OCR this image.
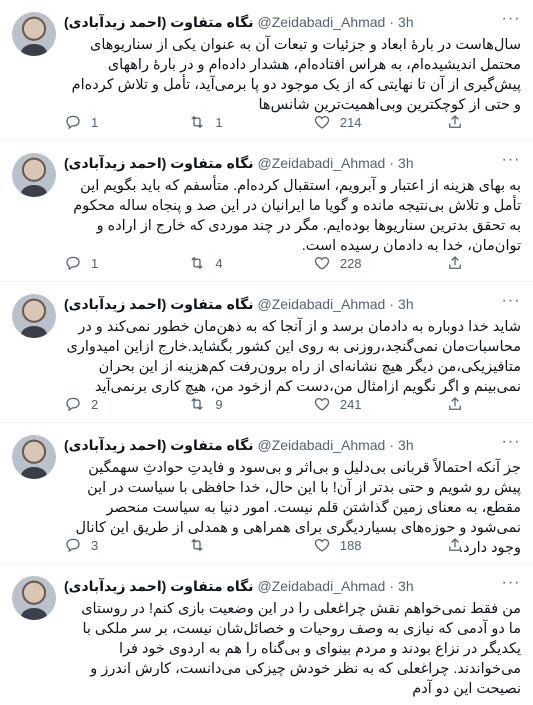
نگاه متفاوت (احمد زیدآبادی) @Zeidabadi_Ahmad · 3h	···
سال‌هاست در بارهٔ ابعاد و جزئیات و تبعات آن به عنوان یکی از سناریوهای محتمل اندیشیده‌ام، به هراس افتاده‌ام، هشدار داده‌ام و در بارهٔ راههای پیش‌گیری از آن تا نهایتی که از یک موجود دو پا برمی‌آید، تأمل و تلاش کرده‌ام و حتی از کوچکترین وبی‌اهمیت‌ترین شانس‌ها
1	1	214
نگاه متفاوت (احمد زیدآبادی) @Zeidabadi_Ahmad · 3h	···
به بهای هزینه از اعتبار و آبرویم، استقبال کرده‌ام. متأسفم که باید بگویم این تأمل و تلاش بی‌نتیجه مانده و گویا ما ایرانیان در این صد و پنجاه ساله محکوم به تحقق بدترین سناریوها بوده‌ایم. مگر در چند موردی که خارج از اراده و توان‌مان، خدا به دادمان رسیده است.
1	4	228
نگاه متفاوت (احمد زیدآبادی) @Zeidabadi_Ahmad · 3h	···
شاید خدا دوباره به دادمان برسد و از آنجا که به ذهن‌مان خطور نمی‌کند و در محاسبات‌مان نمی‌گنجد،روزنی به روی این کشور بگشاید.خارج ازاین امیدواری متافیزیکی،من دیگر هیچ نشانه‌ای از راه برون‌رفت کم‌هزینه از این بحران نمی‌بینم و اگر نگویم ازامثال من،دست کم ازخود من، هیچ کاری برنمی‌آید
2	9	241
نگاه متفاوت (احمد زیدآبادی) @Zeidabadi_Ahmad · 3h	···
جز آنکه احتمالاً قربانی بی‌دلیل و بی‌اثر و بی‌سود و فایدتِ حوادثِ سهمگین پیش رو شویم و حتی بدتر از آن! با این حال، خدا حافظی با سیاست در این مقطع، به معنای زمین گذاشتن قلم نیست. امور دنیا به سیاست منحصر نمی‌شود و حوزه‌های بسیاردیگری برای همراهی و همدلی از طریق این کانال وجود دارد.
3	188
نگاه متفاوت (احمد زیدآبادی) @Zeidabadi_Ahmad · 3h	···
من فقط نمی‌خواهم نقش چراغعلی را در این وضعیت بازی کنم! در روستای ما دو آدمی که نیازی به وصف روحیات و خصائل‌شان نیست، بر سر ملکی با یکدیگر در نزاع بودند و مردم بینوای و بی‌گناه را هم به اردوی خود فرا می‌خواندند. چراغعلی که به نظر خودش چیزکی می‌دانست، کارش اندرز و نصیحت این دو آدم
